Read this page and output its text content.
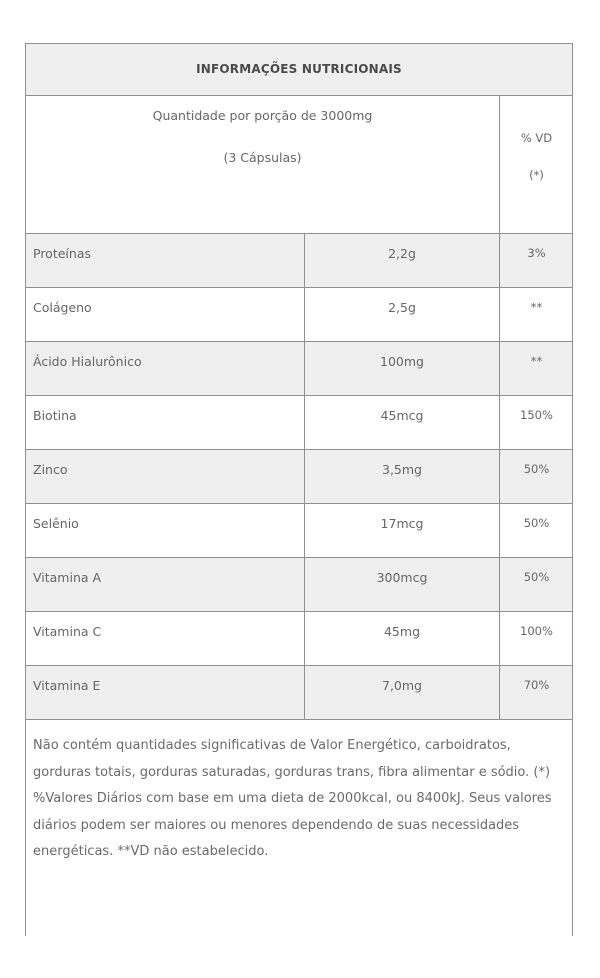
INFORMAÇÕES NUTRICIONAIS
Quantidade por porção de 3000mg
(3 Cápsulas)
% VD
(*)
Proteínas	2,2g	3%
Colágeno	2,5g	**
Ácido Hialurônico	100mg	**
Biotina	45mcg	150%
Zinco	3,5mg	50%
Selênio	17mcg	50%
Vitamina A	300mcg	50%
Vitamina C	45mg	100%
Vitamina E	7,0mg	70%
Não contém quantidades significativas de Valor Energético, carboidratos, gorduras totais, gorduras saturadas, gorduras trans, fibra alimentar e sódio. (*) %Valores Diários com base em uma dieta de 2000kcal, ou 8400kJ. Seus valores diários podem ser maiores ou menores dependendo de suas necessidades energéticas. **VD não estabelecido.
